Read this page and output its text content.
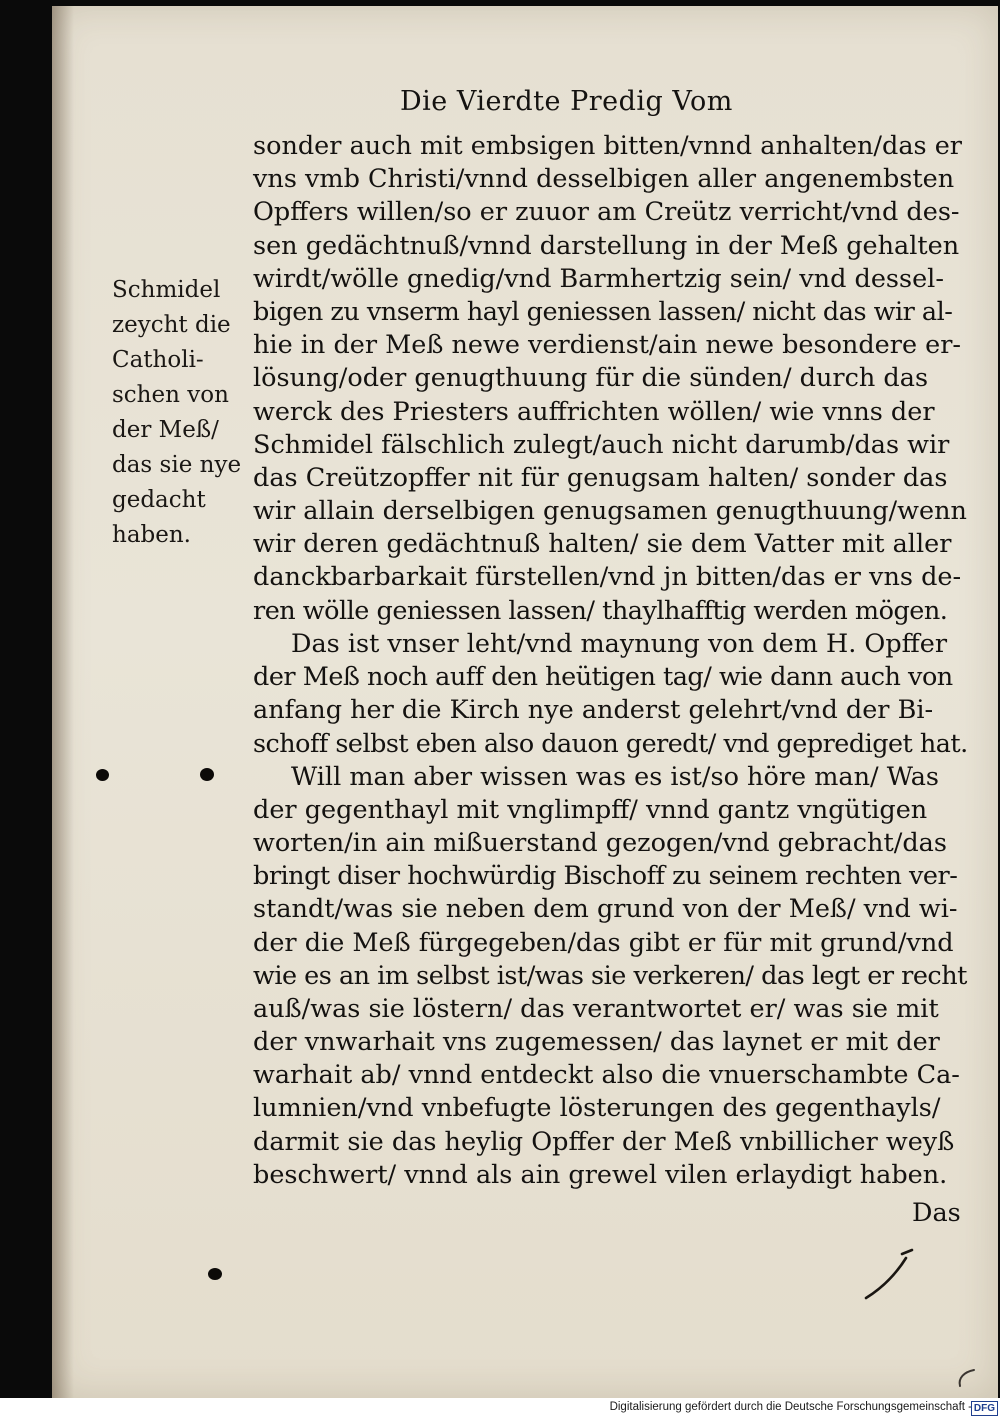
Die Vierdte Predig Vom
Schmidel
zeycht die
Catholi-
schen von
der Meß/
das sie nye
gedacht
haben.
sonder auch mit embsigen bitten/vnnd anhalten/das er
vns vmb Christi/vnnd desselbigen aller angenembsten
Opffers willen/so er zuuor am Creütz verricht/vnd des-
sen gedächtnuß/vnnd darstellung in der Meß gehalten
wirdt/wölle gnedig/vnd Barmhertzig sein/ vnd dessel-
bigen zu vnserm hayl geniessen lassen/ nicht das wir al-
hie in der Meß newe verdienst/ain newe besondere er-
lösung/oder genugthuung für die sünden/ durch das
werck des Priesters auffrichten wöllen/ wie vnns der
Schmidel fälschlich zulegt/auch nicht darumb/das wir
das Creützopffer nit für genugsam halten/ sonder das
wir allain derselbigen genugsamen genugthuung/wenn
wir deren gedächtnuß halten/ sie dem Vatter mit aller
danckbarbarkait fürstellen/vnd jn bitten/das er vns de-
ren wölle geniessen lassen/ thaylhafftig werden mögen.
Das ist vnser leht/vnd maynung von dem H. Opffer
der Meß noch auff den heütigen tag/ wie dann auch von
anfang her die Kirch nye anderst gelehrt/vnd der Bi-
schoff selbst eben also dauon geredt/ vnd geprediget hat.
Will man aber wissen was es ist/so höre man/ Was
der gegenthayl mit vnglimpff/ vnnd gantz vngütigen
worten/in ain mißuerstand gezogen/vnd gebracht/das
bringt diser hochwürdig Bischoff zu seinem rechten ver-
standt/was sie neben dem grund von der Meß/ vnd wi-
der die Meß fürgegeben/das gibt er für mit grund/vnd
wie es an im selbst ist/was sie verkeren/ das legt er recht
auß/was sie löstern/ das verantwortet er/ was sie mit
der vnwarhait vns zugemessen/ das laynet er mit der
warhait ab/ vnnd entdeckt also die vnuerschambte Ca-
lumnien/vnd vnbefugte lösterungen des gegenthayls/
darmit sie das heylig Opffer der Meß vnbillicher weyß
beschwert/ vnnd als ain grewel vilen erlaydigt haben.
Das
Digitalisierung gefördert durch die Deutsche Forschungsgemeinschaft - DFG
